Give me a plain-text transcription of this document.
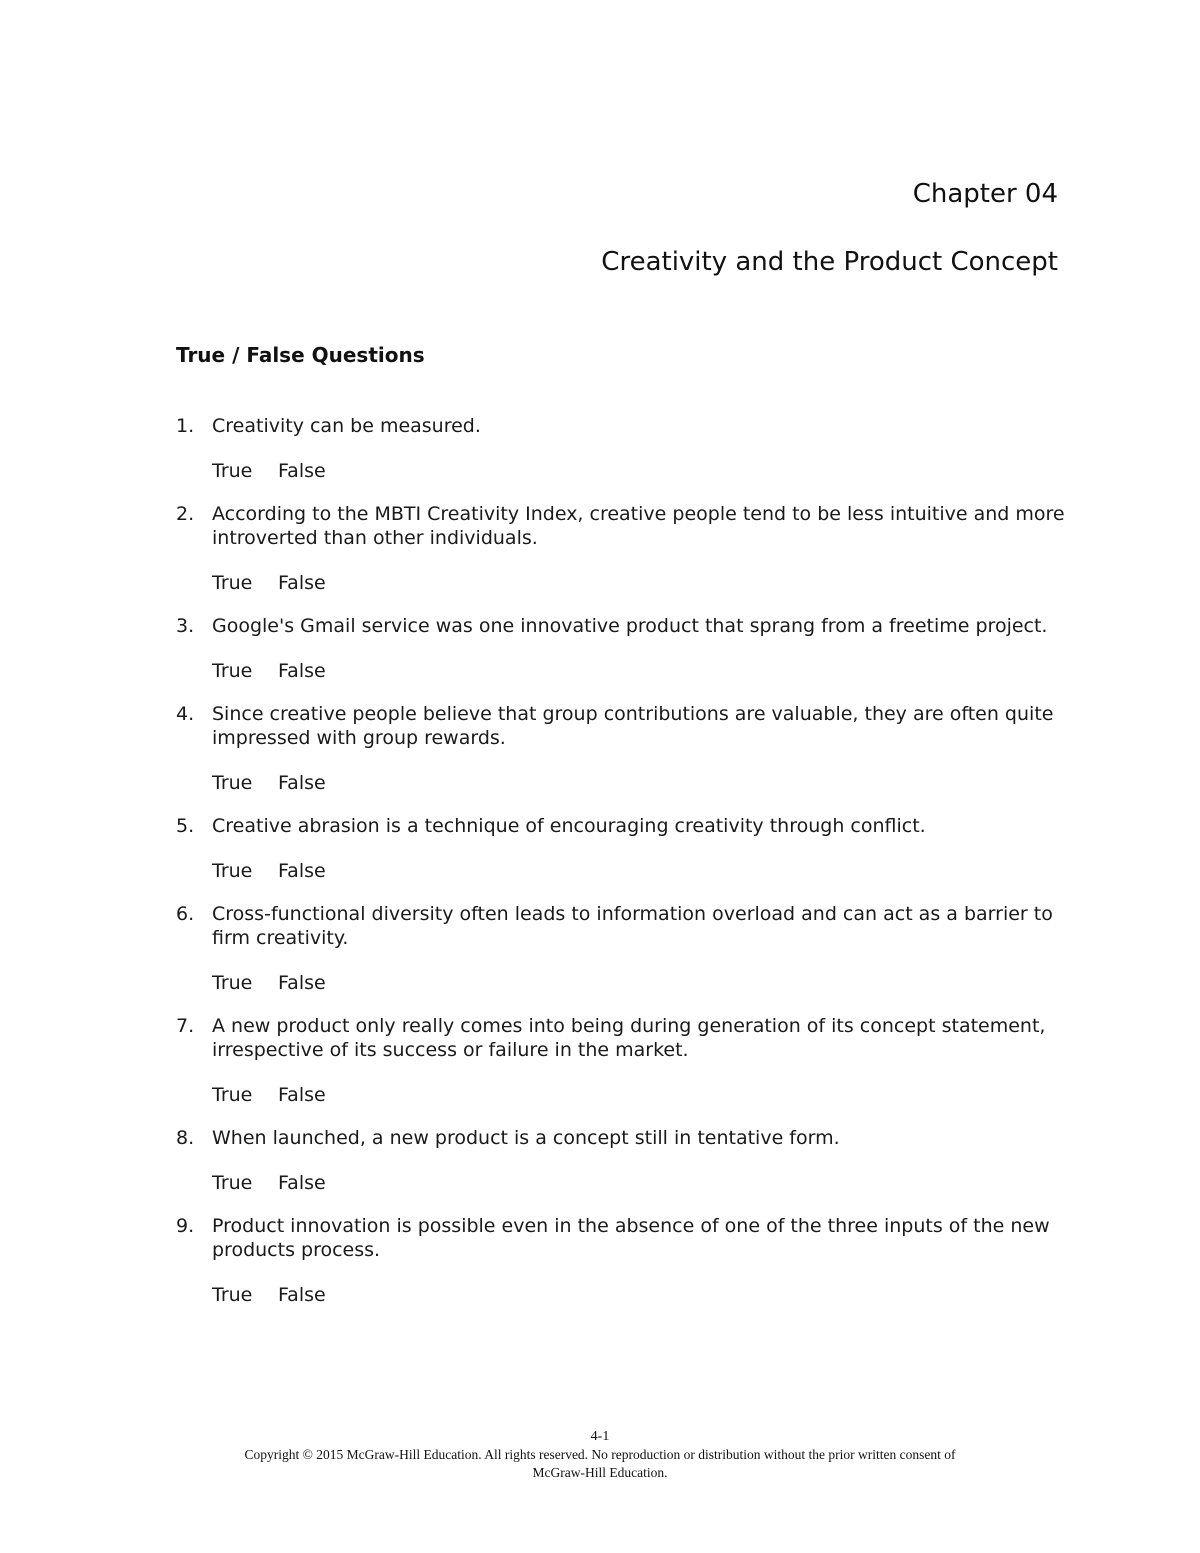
Chapter 04
Creativity and the Product Concept
True / False Questions
1. Creativity can be measured.
True	False
2. According to the MBTI Creativity Index, creative people tend to be less intuitive and more introverted than other individuals.
True	False
3. Google's Gmail service was one innovative product that sprang from a freetime project.
True	False
4. Since creative people believe that group contributions are valuable, they are often quite impressed with group rewards.
True	False
5. Creative abrasion is a technique of encouraging creativity through conflict.
True	False
6. Cross-functional diversity often leads to information overload and can act as a barrier to firm creativity.
True	False
7. A new product only really comes into being during generation of its concept statement, irrespective of its success or failure in the market.
True	False
8. When launched, a new product is a concept still in tentative form.
True	False
9. Product innovation is possible even in the absence of one of the three inputs of the new products process.
True	False
4-1
Copyright © 2015 McGraw-Hill Education. All rights reserved. No reproduction or distribution without the prior written consent of
McGraw-Hill Education.
